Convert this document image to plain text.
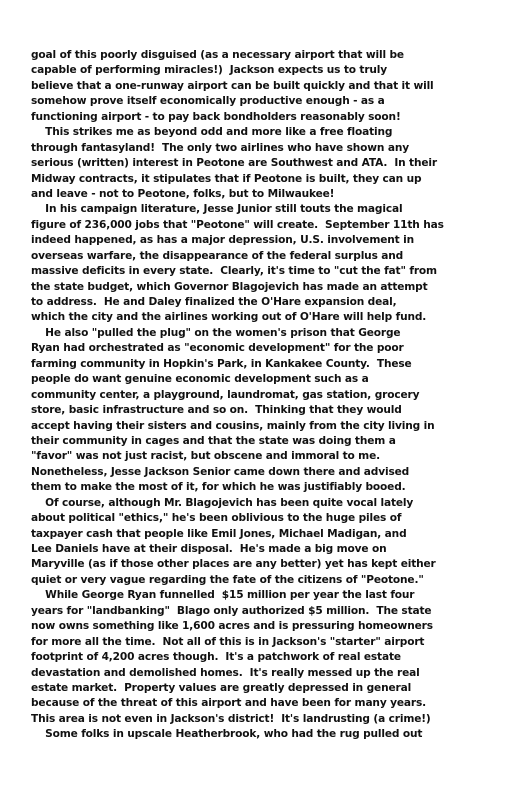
goal of this poorly disguised (as a necessary airport that will be
capable of performing miracles!)  Jackson expects us to truly
believe that a one-runway airport can be built quickly and that it will
somehow prove itself economically productive enough - as a
functioning airport - to pay back bondholders reasonably soon!
This strikes me as beyond odd and more like a free floating
through fantasyland!  The only two airlines who have shown any
serious (written) interest in Peotone are Southwest and ATA.  In their
Midway contracts, it stipulates that if Peotone is built, they can up
and leave - not to Peotone, folks, but to Milwaukee!
In his campaign literature, Jesse Junior still touts the magical
figure of 236,000 jobs that "Peotone" will create.  September 11th has
indeed happened, as has a major depression, U.S. involvement in
overseas warfare, the disappearance of the federal surplus and
massive deficits in every state.  Clearly, it's time to "cut the fat" from
the state budget, which Governor Blagojevich has made an attempt
to address.  He and Daley finalized the O'Hare expansion deal,
which the city and the airlines working out of O'Hare will help fund.
He also "pulled the plug" on the women's prison that George
Ryan had orchestrated as "economic development" for the poor
farming community in Hopkin's Park, in Kankakee County.  These
people do want genuine economic development such as a
community center, a playground, laundromat, gas station, grocery
store, basic infrastructure and so on.  Thinking that they would
accept having their sisters and cousins, mainly from the city living in
their community in cages and that the state was doing them a
"favor" was not just racist, but obscene and immoral to me.
Nonetheless, Jesse Jackson Senior came down there and advised
them to make the most of it, for which he was justifiably booed.
Of course, although Mr. Blagojevich has been quite vocal lately
about political "ethics," he's been oblivious to the huge piles of
taxpayer cash that people like Emil Jones, Michael Madigan, and
Lee Daniels have at their disposal.  He's made a big move on
Maryville (as if those other places are any better) yet has kept either
quiet or very vague regarding the fate of the citizens of "Peotone."
While George Ryan funnelled  $15 million per year the last four
years for "landbanking"  Blago only authorized $5 million.  The state
now owns something like 1,600 acres and is pressuring homeowners
for more all the time.  Not all of this is in Jackson's "starter" airport
footprint of 4,200 acres though.  It's a patchwork of real estate
devastation and demolished homes.  It's really messed up the real
estate market.  Property values are greatly depressed in general
because of the threat of this airport and have been for many years.
This area is not even in Jackson's district!  It's landrusting (a crime!)
Some folks in upscale Heatherbrook, who had the rug pulled out
